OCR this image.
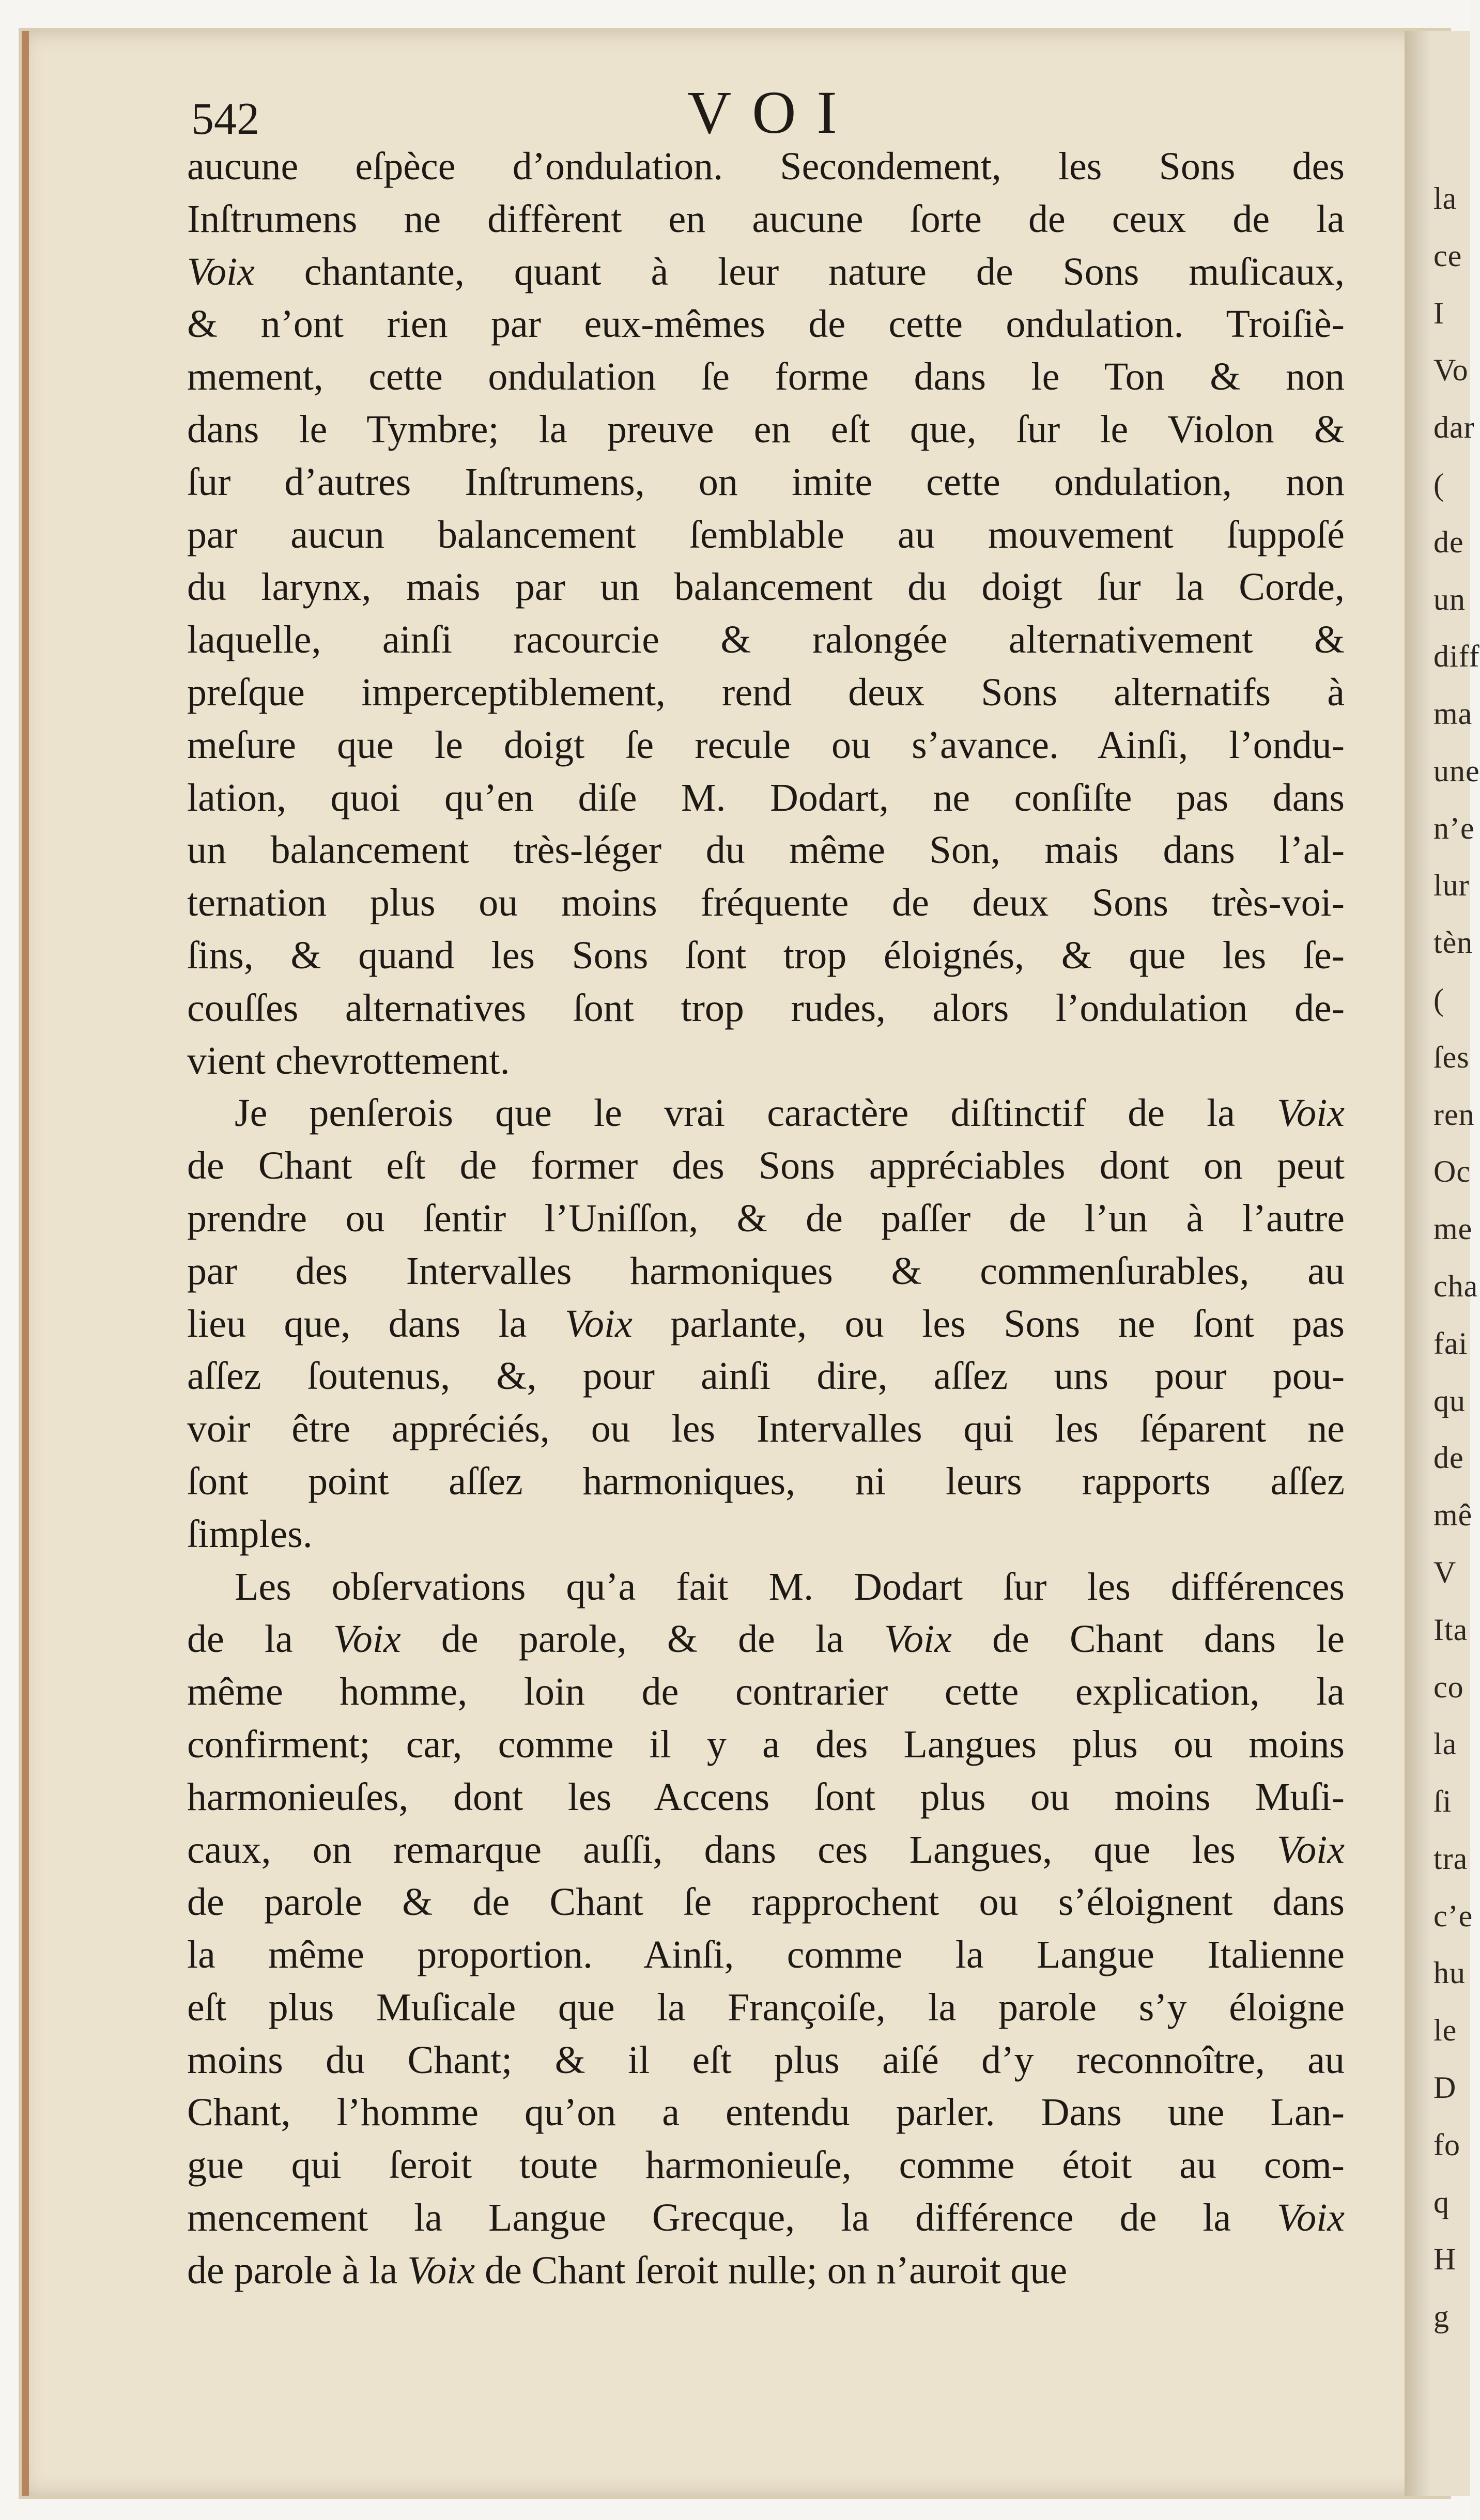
la
ce
I
Vo
dar
(
de
un
diff
ma
une
n’e
lur
tèn
(
ſes
ren
Oc
me
cha
fai
qu
de
mê
V
Ita
co
la
ſi
tra
c’e
hu
le
D
fo
q
H
g
542	VOI
aucune eſpèce d’ondulation. Secondement, les Sons des
Inſtrumens ne diffèrent en aucune ſorte de ceux de la
Voix chantante, quant à leur nature de Sons muſicaux,
& n’ont rien par eux-mêmes de cette ondulation. Troiſiè-
mement, cette ondulation ſe forme dans le Ton & non
dans le Tymbre; la preuve en eſt que, ſur le Violon &
ſur d’autres Inſtrumens, on imite cette ondulation, non
par aucun balancement ſemblable au mouvement ſuppoſé
du larynx, mais par un balancement du doigt ſur la Corde,
laquelle, ainſi racourcie & ralongée alternativement &
preſque imperceptiblement, rend deux Sons alternatifs à
meſure que le doigt ſe recule ou s’avance. Ainſi, l’ondu-
lation, quoi qu’en diſe M. Dodart, ne conſiſte pas dans
un balancement très-léger du même Son, mais dans l’al-
ternation plus ou moins fréquente de deux Sons très-voi-
ſins, & quand les Sons ſont trop éloignés, & que les ſe-
couſſes alternatives ſont trop rudes, alors l’ondulation de-
vient chevrottement.
Je penſerois que le vrai caractère diſtinctif de la Voix
de Chant eſt de former des Sons appréciables dont on peut
prendre ou ſentir l’Uniſſon, & de paſſer de l’un à l’autre
par des Intervalles harmoniques & commenſurables, au
lieu que, dans la Voix parlante, ou les Sons ne ſont pas
aſſez ſoutenus, &, pour ainſi dire, aſſez uns pour pou-
voir être appréciés, ou les Intervalles qui les ſéparent ne
ſont point aſſez harmoniques, ni leurs rapports aſſez
ſimples.
Les obſervations qu’a fait M. Dodart ſur les différences
de la Voix de parole, & de la Voix de Chant dans le
même homme, loin de contrarier cette explication, la
confirment; car, comme il y a des Langues plus ou moins
harmonieuſes, dont les Accens ſont plus ou moins Muſi-
caux, on remarque auſſi, dans ces Langues, que les Voix
de parole & de Chant ſe rapprochent ou s’éloignent dans
la même proportion. Ainſi, comme la Langue Italienne
eſt plus Muſicale que la Françoiſe, la parole s’y éloigne
moins du Chant; & il eſt plus aiſé d’y reconnoître, au
Chant, l’homme qu’on a entendu parler. Dans une Lan-
gue qui ſeroit toute harmonieuſe, comme étoit au com-
mencement la Langue Grecque, la différence de la Voix
de parole à la Voix de Chant ſeroit nulle; on n’auroit que
